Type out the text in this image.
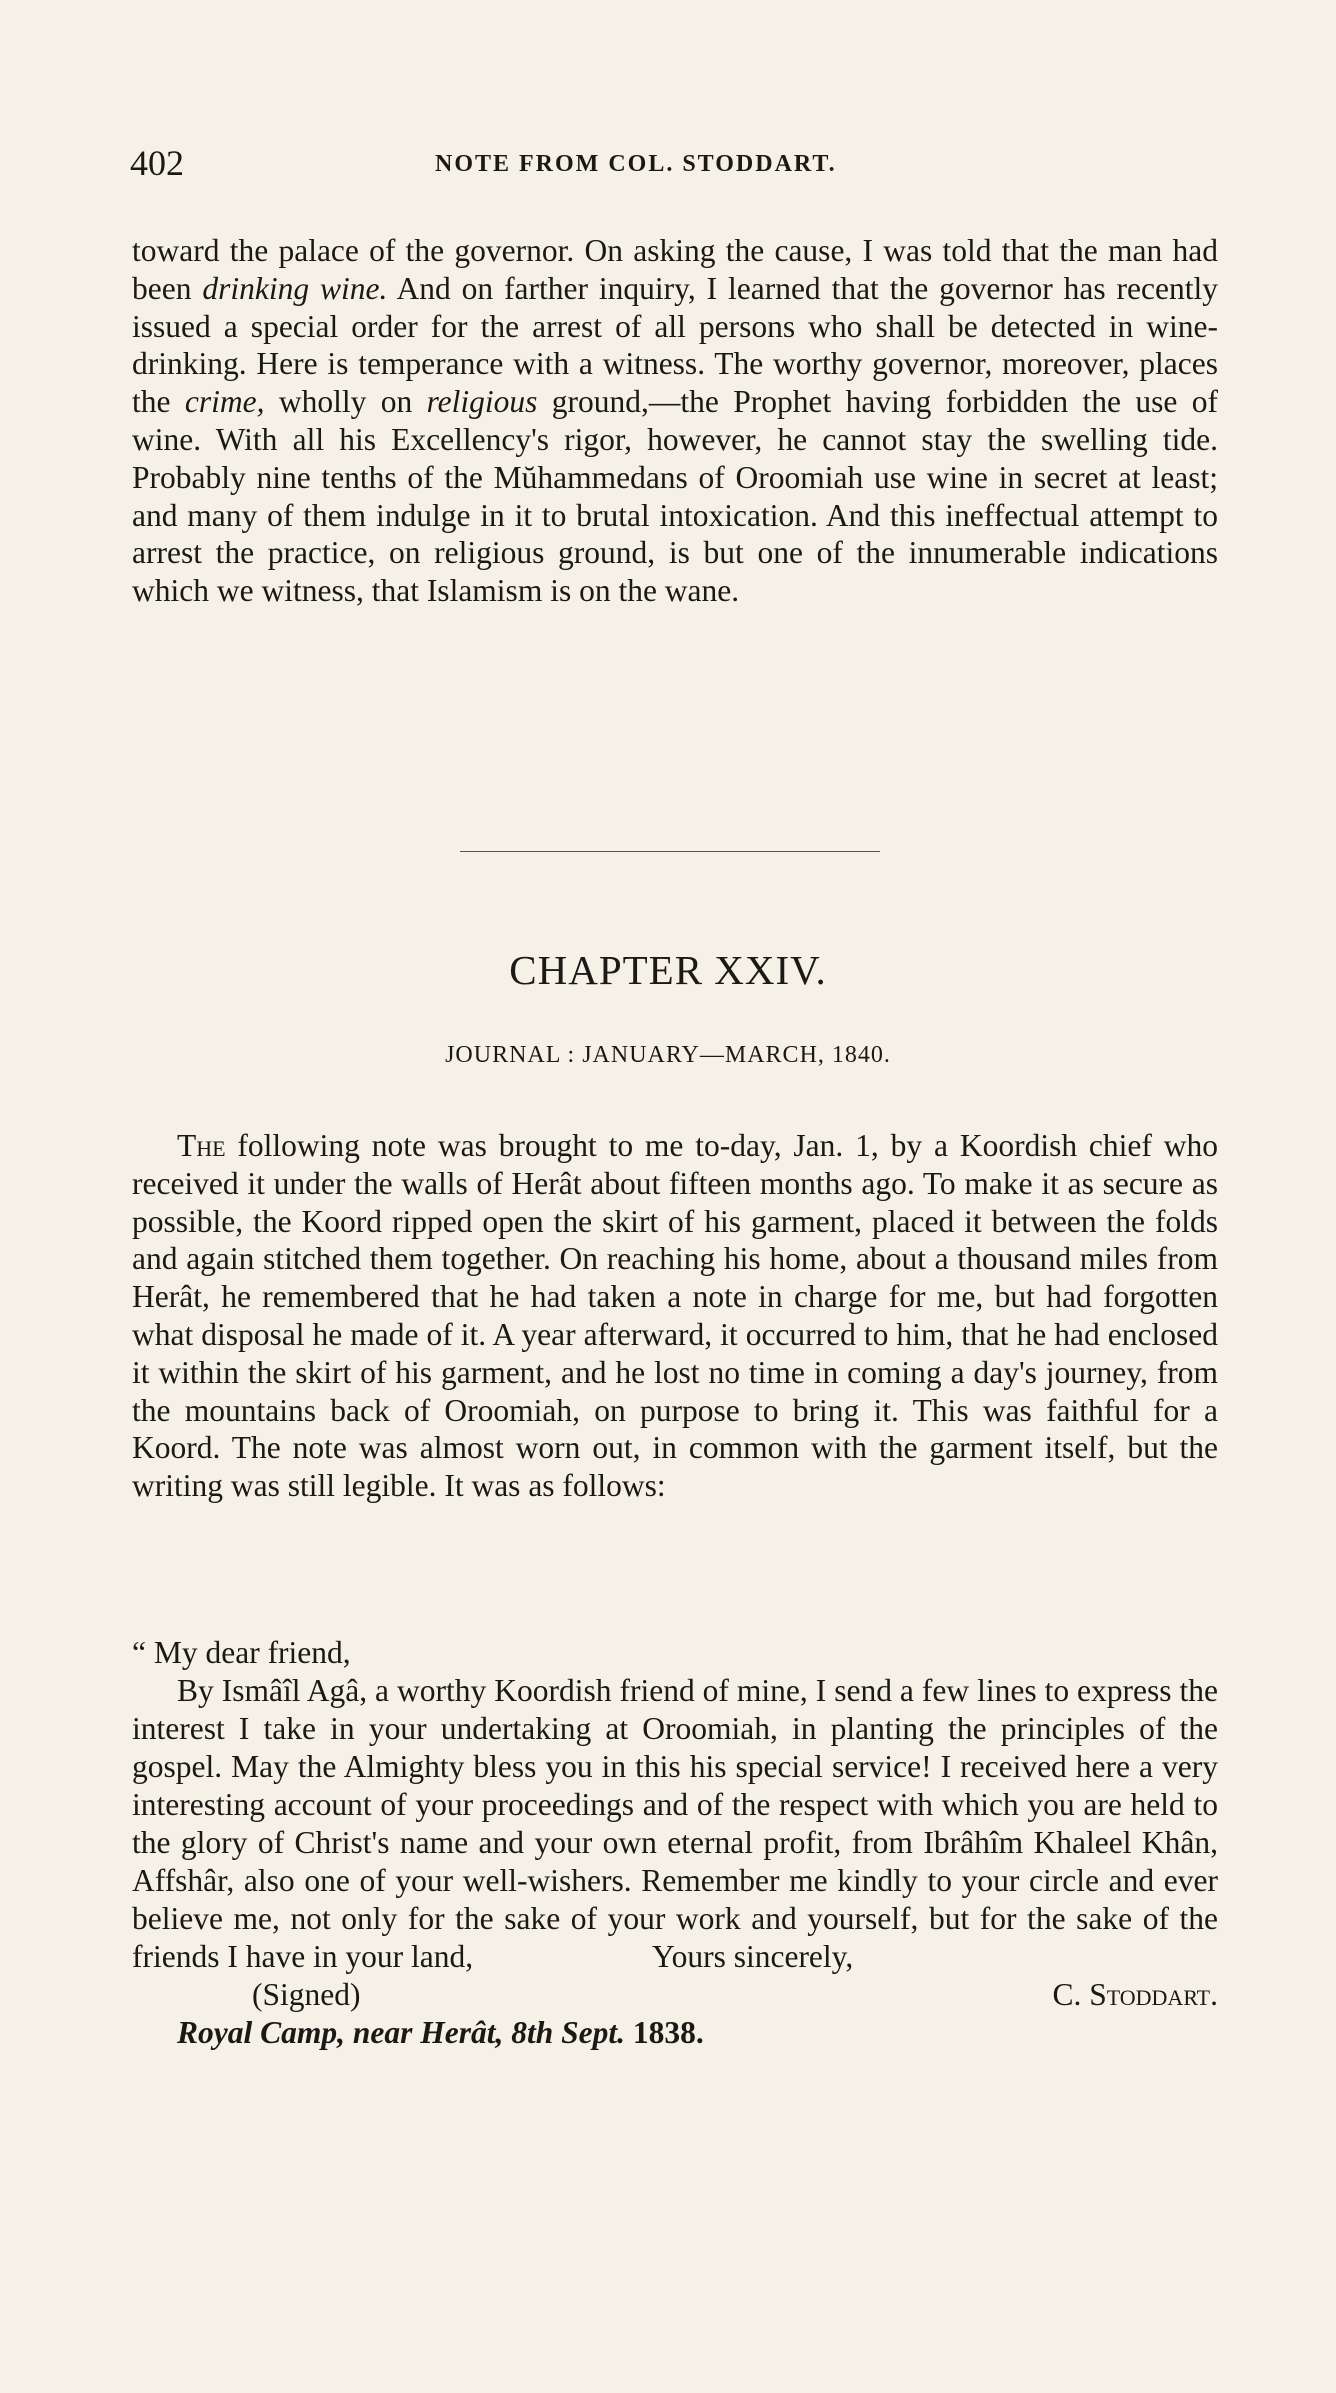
402	NOTE FROM COL. STODDART.

toward the palace of the governor. On asking the cause, I was told that the man had been drinking wine. And on farther inquiry, I learned that the governor has recently issued a special order for the arrest of all persons who shall be detected in wine-drinking. Here is temperance with a witness. The worthy governor, moreover, places the crime, wholly on religious ground,—the Prophet having forbidden the use of wine. With all his Excellency's rigor, however, he cannot stay the swelling tide. Probably nine tenths of the Mŭhammedans of Oroomiah use wine in secret at least; and many of them indulge in it to brutal intoxication. And this ineffectual attempt to arrest the practice, on religious ground, is but one of the innumerable indications which we witness, that Islamism is on the wane.

CHAPTER XXIV.
JOURNAL : JANUARY—MARCH, 1840.

The following note was brought to me to-day, Jan. 1, by a Koordish chief who received it under the walls of Herât about fifteen months ago. To make it as secure as possible, the Koord ripped open the skirt of his garment, placed it between the folds and again stitched them together. On reaching his home, about a thousand miles from Herât, he remembered that he had taken a note in charge for me, but had forgotten what disposal he made of it. A year afterward, it occurred to him, that he had enclosed it within the skirt of his garment, and he lost no time in coming a day's journey, from the mountains back of Oroomiah, on purpose to bring it. This was faithful for a Koord. The note was almost worn out, in common with the garment itself, but the writing was still legible. It was as follows:

“ My dear friend,
By Ismâîl Agâ, a worthy Koordish friend of mine, I send a few lines to express the interest I take in your undertaking at Oroomiah, in planting the principles of the gospel. May the Almighty bless you in this his special service! I received here a very interesting account of your proceedings and of the respect with which you are held to the glory of Christ's name and your own eternal profit, from Ibrâhîm Khaleel Khân, Affshâr, also one of your well-wishers. Remember me kindly to your circle and ever believe me, not only for the sake of your work and yourself, but for the sake of the friends I have in your land,	Yours sincerely,
(Signed)	C. Stoddart.
Royal Camp, near Herât, 8th Sept. 1838.
